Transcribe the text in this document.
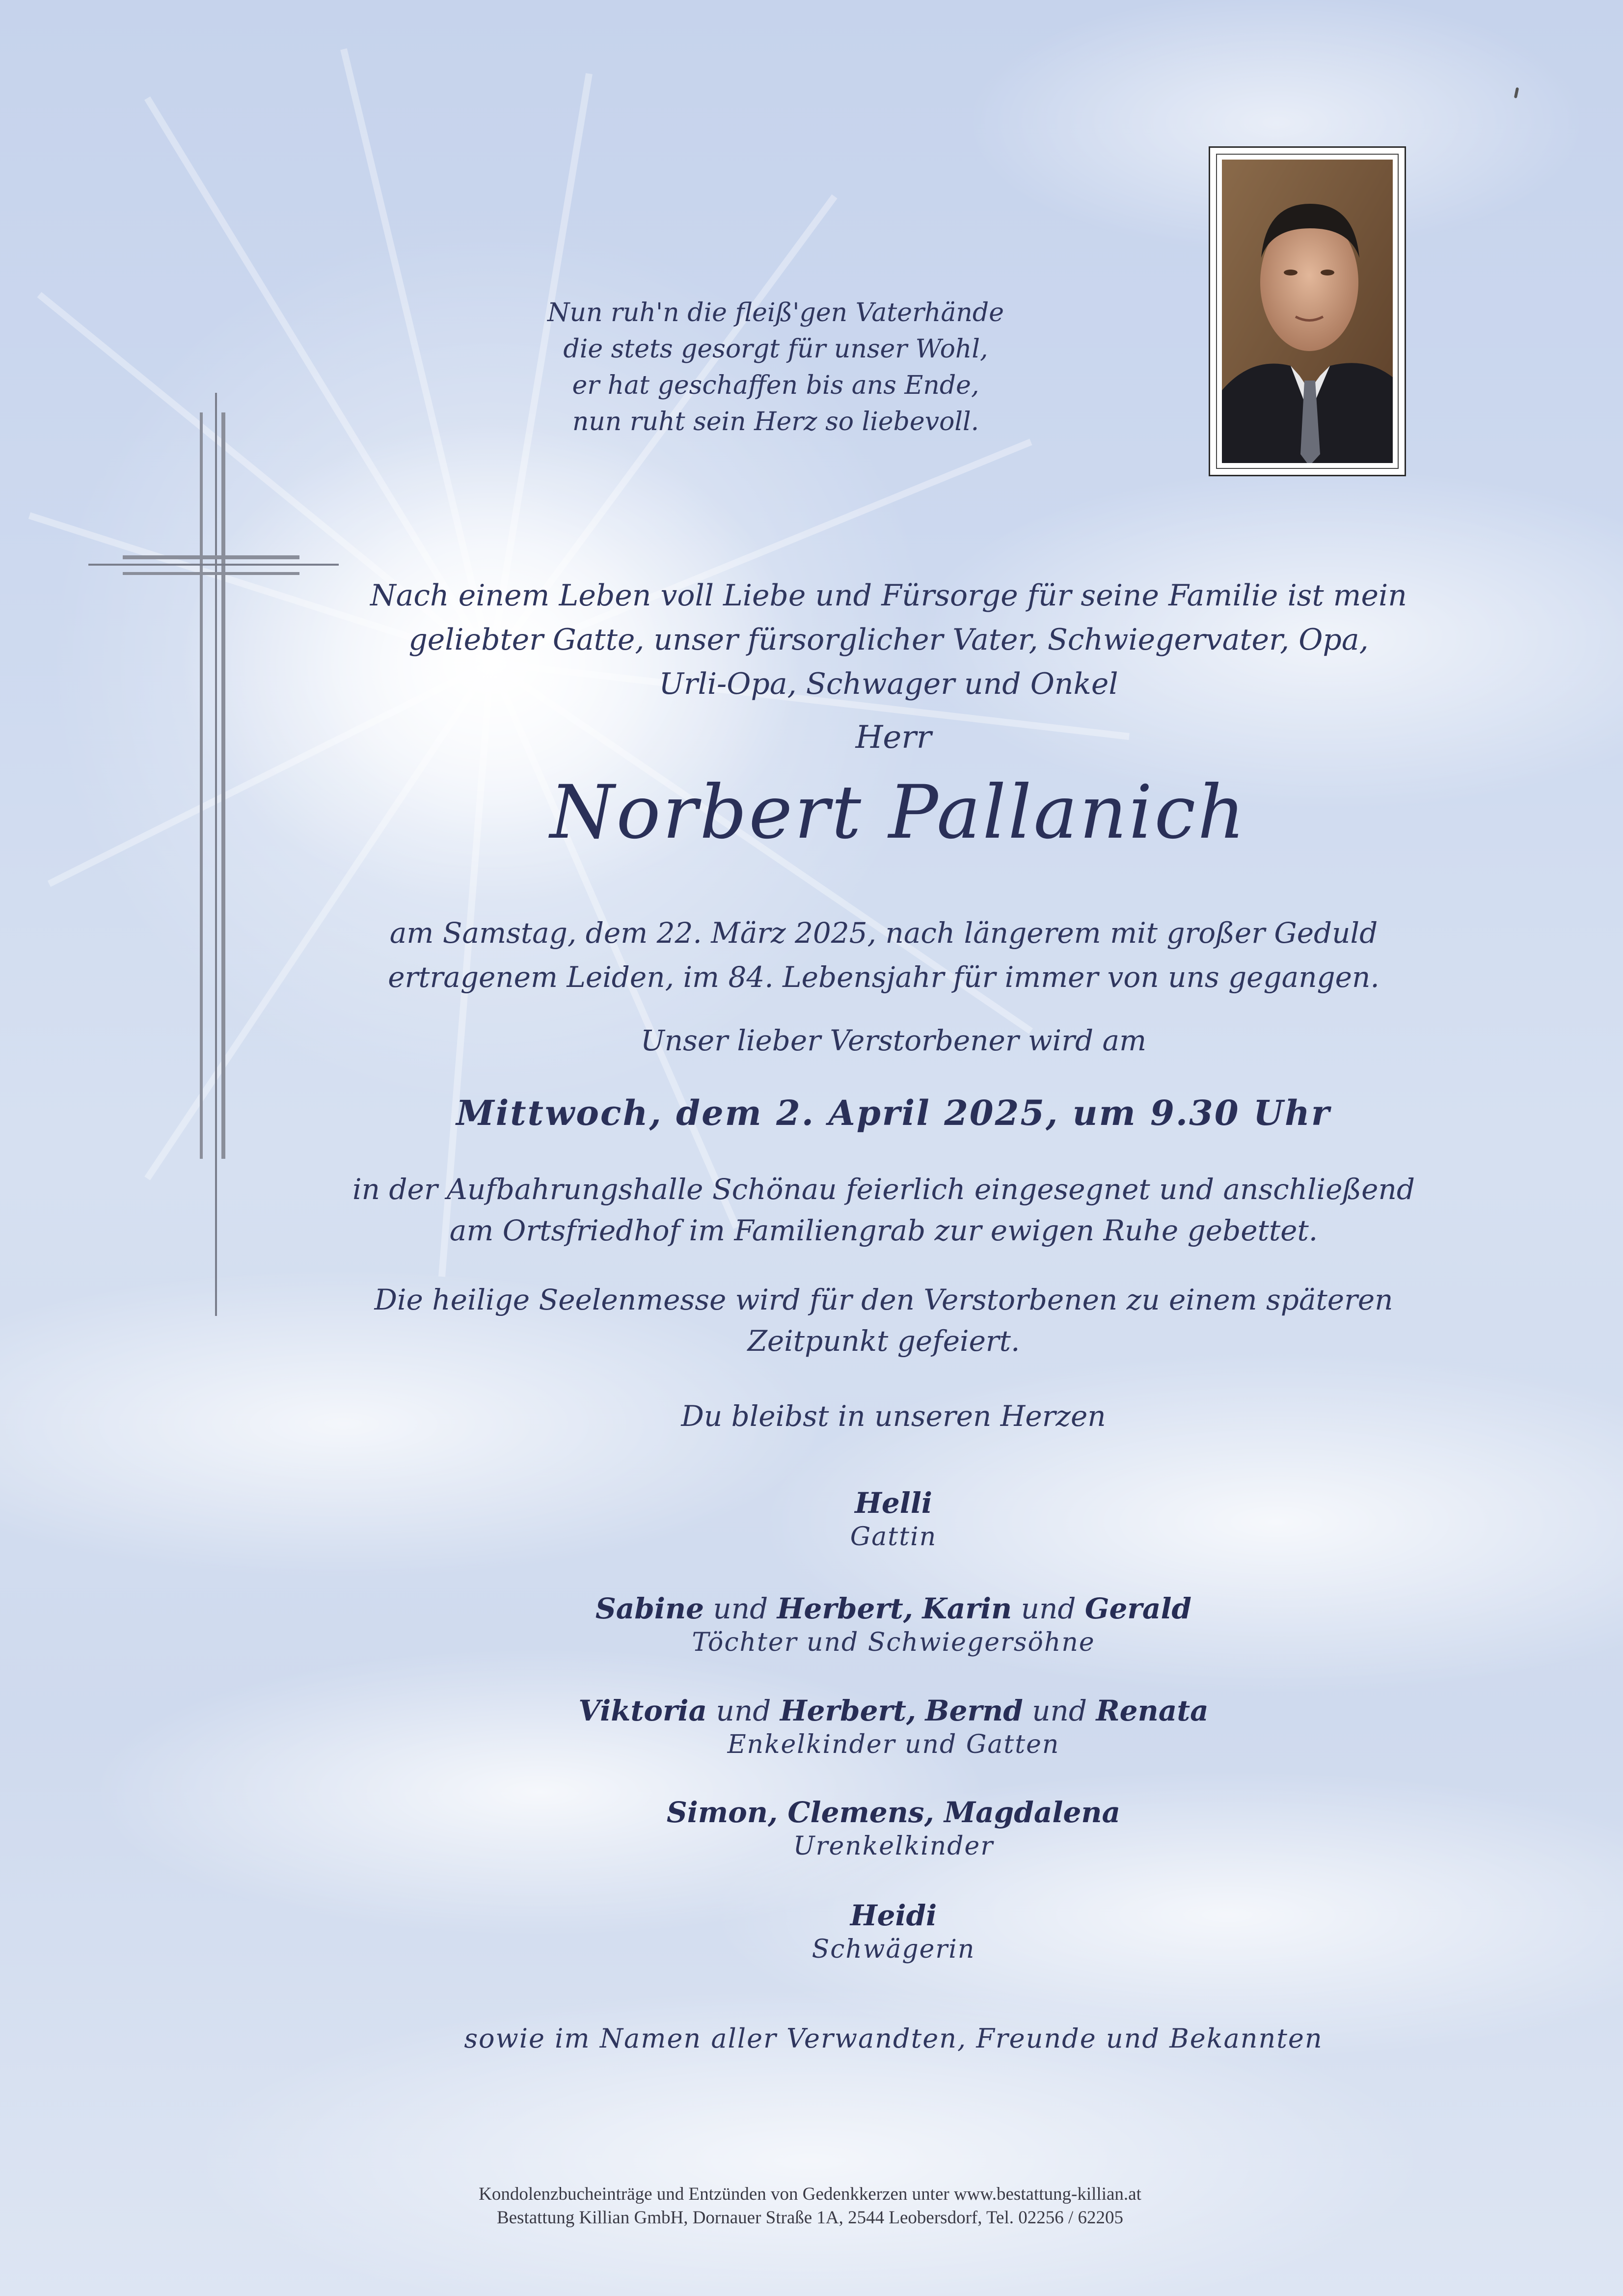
Nun ruh'n die fleiß'gen Vaterhände
die stets gesorgt für unser Wohl,
er hat geschaffen bis ans Ende,
nun ruht sein Herz so liebevoll.
Nach einem Leben voll Liebe und Fürsorge für seine Familie ist mein
geliebter Gatte, unser fürsorglicher Vater, Schwiegervater, Opa,
Urli-Opa, Schwager und Onkel
Herr
Norbert Pallanich
am Samstag, dem 22. März 2025, nach längerem mit großer Geduld
ertragenem Leiden, im 84. Lebensjahr für immer von uns gegangen.
Unser lieber Verstorbener wird am
Mittwoch, dem 2. April 2025, um 9.30 Uhr
in der Aufbahrungshalle Schönau feierlich eingesegnet und anschließend
am Ortsfriedhof im Familiengrab zur ewigen Ruhe gebettet.
Die heilige Seelenmesse wird für den Verstorbenen zu einem späteren
Zeitpunkt gefeiert.
Du bleibst in unseren Herzen
Helli
Gattin
Sabine und Herbert, Karin und Gerald
Töchter und Schwiegersöhne
Viktoria und Herbert, Bernd und Renata
Enkelkinder und Gatten
Simon, Clemens, Magdalena
Urenkelkinder
Heidi
Schwägerin
sowie im Namen aller Verwandten, Freunde und Bekannten
Kondolenzbucheinträge und Entzünden von Gedenkkerzen unter www.bestattung-killian.at
Bestattung Killian GmbH, Dornauer Straße 1A, 2544 Leobersdorf, Tel. 02256 / 62205
